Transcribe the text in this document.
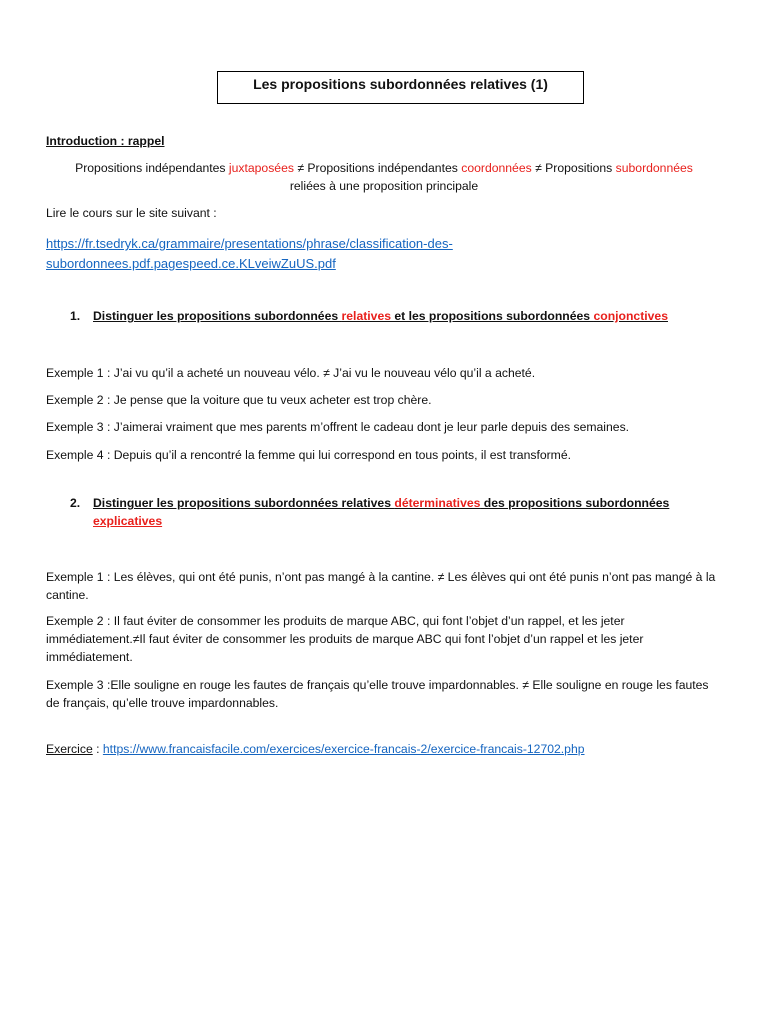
Les propositions subordonnées relatives (1)
Introduction : rappel
Propositions indépendantes juxtaposées ≠ Propositions indépendantes coordonnées ≠ Propositions subordonnées
reliées à une proposition principale
Lire le cours sur le site suivant :
https://fr.tsedryk.ca/grammaire/presentations/phrase/classification-des-subordonnees.pdf.pagespeed.ce.KLveiwZuUS.pdf
1. Distinguer les propositions subordonnées relatives et les propositions subordonnées conjonctives
Exemple 1 : J’ai vu qu’il a acheté un nouveau vélo. ≠ J’ai vu le nouveau vélo qu’il a acheté.
Exemple 2 : Je pense que la voiture que tu veux acheter est trop chère.
Exemple 3 : J’aimerai vraiment que mes parents m’offrent le cadeau dont je leur parle depuis des semaines.
Exemple 4 : Depuis qu’il a rencontré la femme qui lui correspond en tous points, il est transformé.
2. Distinguer les propositions subordonnées relatives déterminatives des propositions subordonnées
explicatives
Exemple 1 : Les élèves, qui ont été punis, n’ont pas mangé à la cantine. ≠ Les élèves qui ont été punis n’ont pas mangé à la cantine.
Exemple 2 : Il faut éviter de consommer les produits de marque ABC, qui font l’objet d’un rappel, et les jeter immédiatement.≠Il faut éviter de consommer les produits de marque ABC qui font l’objet d’un rappel et les jeter immédiatement.
Exemple 3 :Elle souligne en rouge les fautes de français qu’elle trouve impardonnables. ≠ Elle souligne en rouge les fautes de français, qu’elle trouve impardonnables.
Exercice : https://www.francaisfacile.com/exercices/exercice-francais-2/exercice-francais-12702.php
